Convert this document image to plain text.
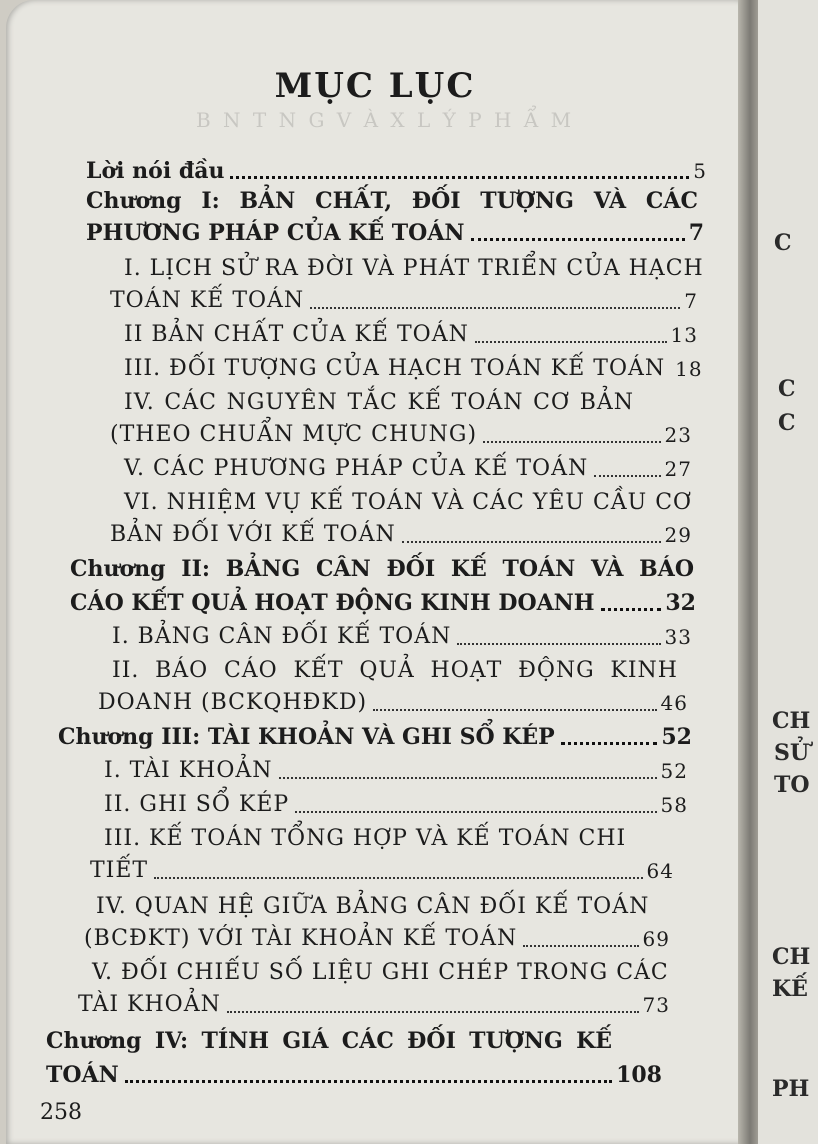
B N T N G V À X L Ý P H Ẩ M
MỤC LỤC
Lời nói đầu	5
Chương I: BẢN CHẤT, ĐỐI TƯỢNG VÀ CÁC
PHƯƠNG PHÁP CỦA KẾ TOÁN	7
I. LỊCH SỬ RA ĐỜI VÀ PHÁT TRIỂN CỦA HẠCH
TOÁN KẾ TOÁN	7
II BẢN CHẤT CỦA KẾ TOÁN	13
III. ĐỐI TƯỢNG CỦA HẠCH TOÁN KẾ TOÁN 18
IV. CÁC NGUYÊN TẮC KẾ TOÁN CƠ BẢN
(THEO CHUẨN MỰC CHUNG)	23
V. CÁC PHƯƠNG PHÁP CỦA KẾ TOÁN	27
VI. NHIỆM VỤ KẾ TOÁN VÀ CÁC YÊU CẦU CƠ
BẢN ĐỐI VỚI KẾ TOÁN	29
Chương II: BẢNG CÂN ĐỐI KẾ TOÁN VÀ BÁO
CÁO KẾT QUẢ HOẠT ĐỘNG KINH DOANH	32
I. BẢNG CÂN ĐỐI KẾ TOÁN	33
II. BÁO CÁO KẾT QUẢ HOẠT ĐỘNG KINH
DOANH (BCKQHĐKD)	46
Chương III: TÀI KHOẢN VÀ GHI SỔ KÉP	52
I. TÀI KHOẢN	52
II. GHI SỔ KÉP	58
III. KẾ TOÁN TỔNG HỢP VÀ KẾ TOÁN CHI
TIẾT	64
IV. QUAN HỆ GIỮA BẢNG CÂN ĐỐI KẾ TOÁN
(BCĐKT) VỚI TÀI KHOẢN KẾ TOÁN	69
V. ĐỐI CHIẾU SỐ LIỆU GHI CHÉP TRONG CÁC
TÀI KHOẢN	73
Chương IV: TÍNH GIÁ CÁC ĐỐI TƯỢNG KẾ
TOÁN	108
258
C
C
C
CH
SỬ
TO
CH
KẾ
PH
